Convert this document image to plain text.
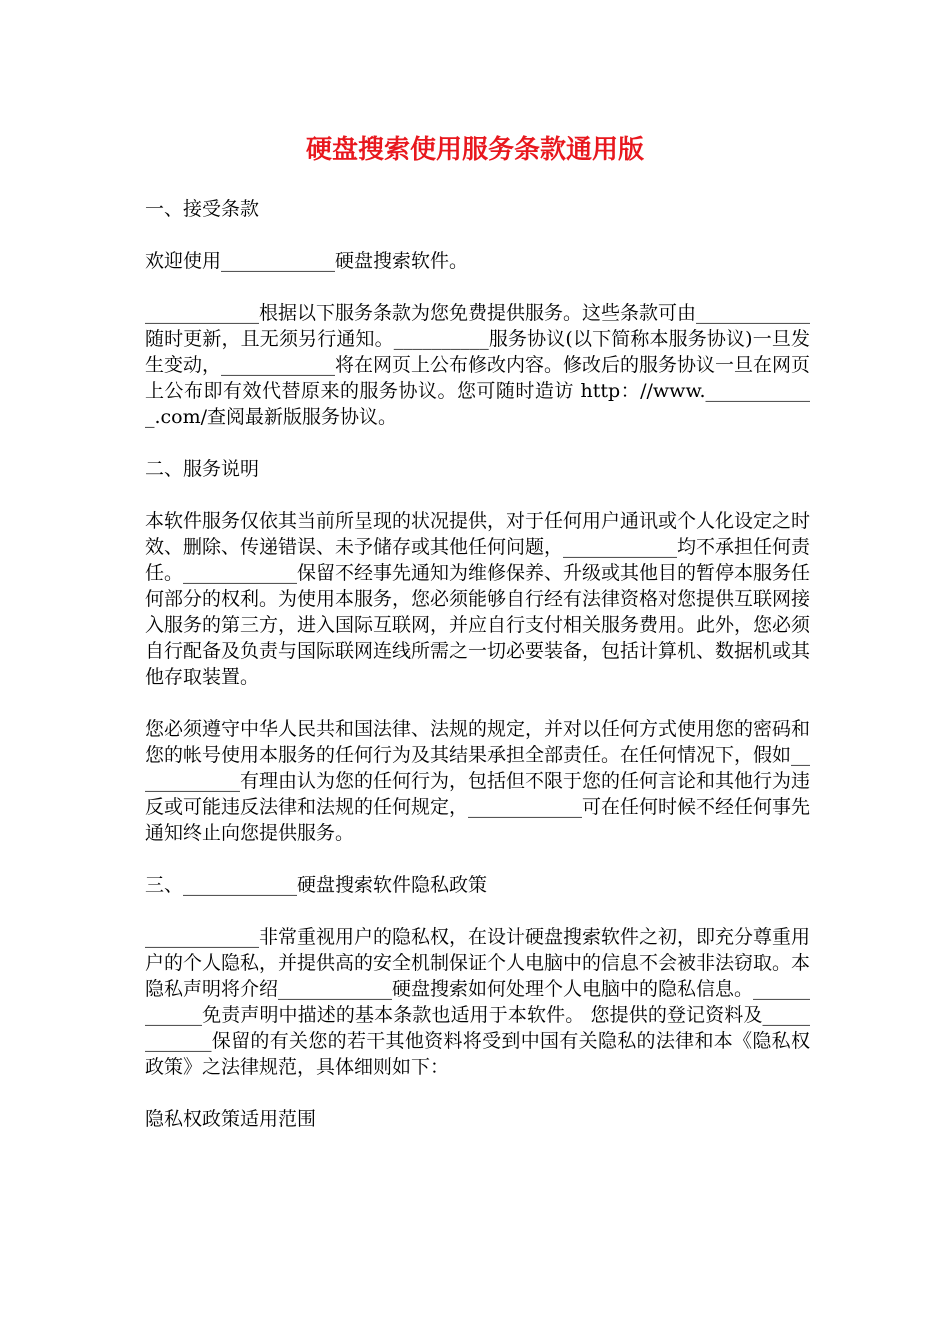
硬盘搜索使用服务条款通用版

一、接受条款

欢迎使用____________硬盘搜索软件。

____________根据以下服务条款为您免费提供服务。这些条款可由____________随时更新，且无须另行通知。__________服务协议(以下简称本服务协议)一旦发生变动，____________将在网页上公布修改内容。修改后的服务协议一旦在网页上公布即有效代替原来的服务协议。您可随时造访 http：//www.____________.com/查阅最新版服务协议。

二、服务说明

本软件服务仅依其当前所呈现的状况提供，对于任何用户通讯或个人化设定之时效、删除、传递错误、未予储存或其他任何问题，____________均不承担任何责任。____________保留不经事先通知为维修保养、升级或其他目的暂停本服务任何部分的权利。为使用本服务，您必须能够自行经有法律资格对您提供互联网接入服务的第三方，进入国际互联网，并应自行支付相关服务费用。此外，您必须自行配备及负责与国际联网连线所需之一切必要装备，包括计算机、数据机或其他存取装置。

您必须遵守中华人民共和国法律、法规的规定，并对以任何方式使用您的密码和您的帐号使用本服务的任何行为及其结果承担全部责任。在任何情况下，假如____________有理由认为您的任何行为，包括但不限于您的任何言论和其他行为违反或可能违反法律和法规的任何规定，____________可在任何时候不经任何事先通知终止向您提供服务。

三、____________硬盘搜索软件隐私政策

____________非常重视用户的隐私权，在设计硬盘搜索软件之初，即充分尊重用户的个人隐私，并提供高的安全机制保证个人电脑中的信息不会被非法窃取。本隐私声明将介绍____________硬盘搜索如何处理个人电脑中的隐私信息。____________免责声明中描述的基本条款也适用于本软件。 您提供的登记资料及____________保留的有关您的若干其他资料将受到中国有关隐私的法律和本《隐私权政策》之法律规范，具体细则如下：

隐私权政策适用范围
